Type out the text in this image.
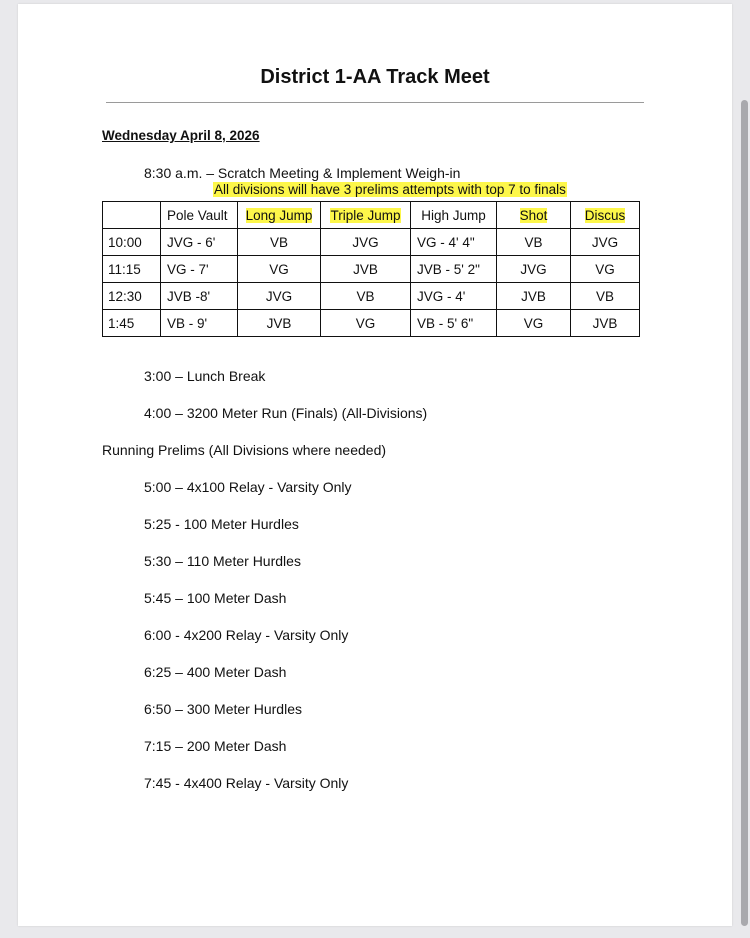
District 1-AA Track Meet
Wednesday April 8, 2026
8:30 a.m. – Scratch Meeting & Implement Weigh-in
All divisions will have 3 prelims attempts with top 7 to finals
	Pole Vault	Long Jump	Triple Jump	High Jump	Shot	Discus
10:00	JVG - 6'	VB	JVG	VG - 4' 4"	VB	JVG
11:15	VG - 7'	VG	JVB	JVB - 5' 2"	JVG	VG
12:30	JVB -8'	JVG	VB	JVG - 4'	JVB	VB
1:45	VB - 9'	JVB	VG	VB - 5' 6"	VG	JVB
3:00 – Lunch Break
4:00 – 3200 Meter Run (Finals) (All-Divisions)
Running Prelims (All Divisions where needed)
5:00 – 4x100 Relay - Varsity Only
5:25 - 100 Meter Hurdles
5:30 – 110 Meter Hurdles
5:45 – 100 Meter Dash
6:00 - 4x200 Relay - Varsity Only
6:25 – 400 Meter Dash
6:50 – 300 Meter Hurdles
7:15 – 200 Meter Dash
7:45 - 4x400 Relay - Varsity Only
